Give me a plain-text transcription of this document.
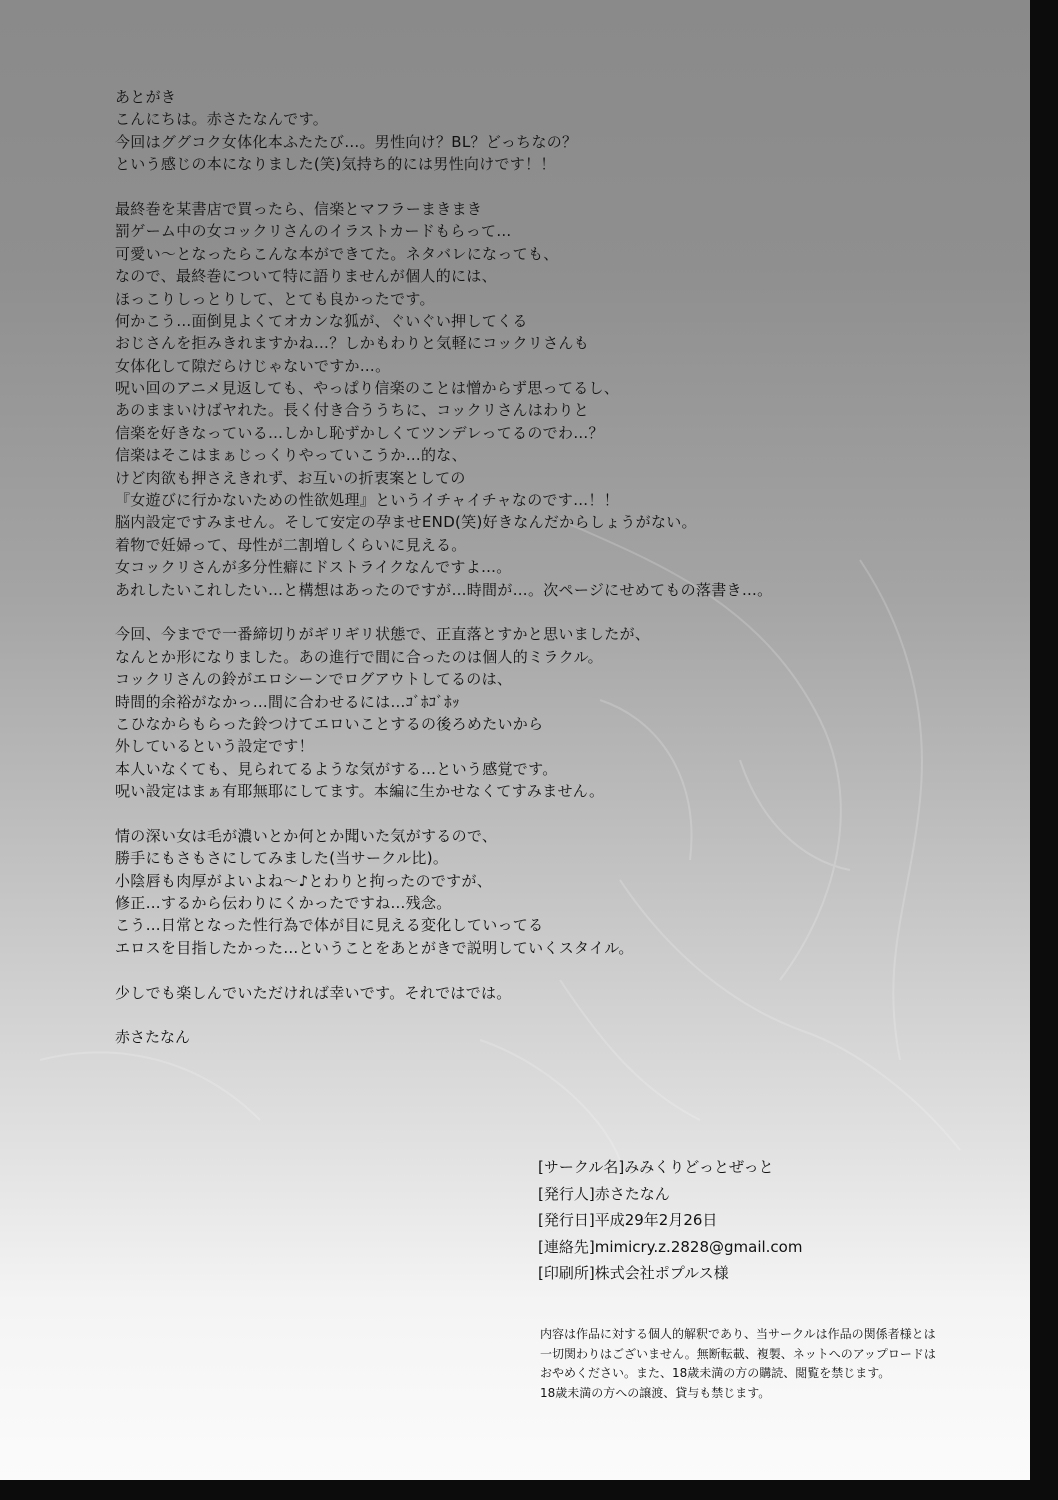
あとがき
こんにちは。赤さたなんです。
今回はググコク女体化本ふたたび…。男性向け？BL？どっちなの？
という感じの本になりました(笑)気持ち的には男性向けです！！
最終巻を某書店で買ったら、信楽とマフラーまきまき
罰ゲーム中の女コックリさんのイラストカードもらって…
可愛い～となったらこんな本ができてた。ネタバレになっても、
なので、最終巻について特に語りませんが個人的には、
ほっこりしっとりして、とても良かったです。
何かこう…面倒見よくてオカンな狐が、ぐいぐい押してくる
おじさんを拒みきれますかね…？しかもわりと気軽にコックリさんも
女体化して隙だらけじゃないですか…。
呪い回のアニメ見返しても、やっぱり信楽のことは憎からず思ってるし、
あのままいけばヤれた。長く付き合ううちに、コックリさんはわりと
信楽を好きなっている…しかし恥ずかしくてツンデレってるのでわ…？
信楽はそこはまぁじっくりやっていこうか…的な、
けど肉欲も押さえきれず、お互いの折衷案としての
『女遊びに行かないための性欲処理』というイチャイチャなのです…！！
脳内設定ですみません。そして安定の孕ませEND(笑)好きなんだからしょうがない。
着物で妊婦って、母性が二割増しくらいに見える。
女コックリさんが多分性癖にドストライクなんですよ…。
あれしたいこれしたい…と構想はあったのですが…時間が…。次ページにせめてもの落書き…。
今回、今までで一番締切りがギリギリ状態で、正直落とすかと思いましたが、
なんとか形になりました。あの進行で間に合ったのは個人的ミラクル。
コックリさんの鈴がエロシーンでログアウトしてるのは、
時間的余裕がなかっ…間に合わせるには…ｺﾞﾎｺﾞﾎｯ
こひなからもらった鈴つけてエロいことするの後ろめたいから
外しているという設定です！
本人いなくても、見られてるような気がする…という感覚です。
呪い設定はまぁ有耶無耶にしてます。本編に生かせなくてすみません。
情の深い女は毛が濃いとか何とか聞いた気がするので、
勝手にもさもさにしてみました(当サークル比)。
小陰唇も肉厚がよいよね～♪とわりと拘ったのですが、
修正…するから伝わりにくかったですね…残念。
こう…日常となった性行為で体が目に見える変化していってる
エロスを目指したかった…ということをあとがきで説明していくスタイル。
少しでも楽しんでいただければ幸いです。それではでは。
赤さたなん
[サークル名]みみくりどっとぜっと
[発行人]赤さたなん
[発行日]平成29年2月26日
[連絡先]mimicry.z.2828@gmail.com
[印刷所]株式会社ポプルス様
内容は作品に対する個人的解釈であり、当サークルは作品の関係者様とは
一切関わりはございません。無断転載、複製、ネットへのアップロードは
おやめください。また、18歳未満の方の購読、閲覧を禁じます。
18歳未満の方への譲渡、貸与も禁じます。
